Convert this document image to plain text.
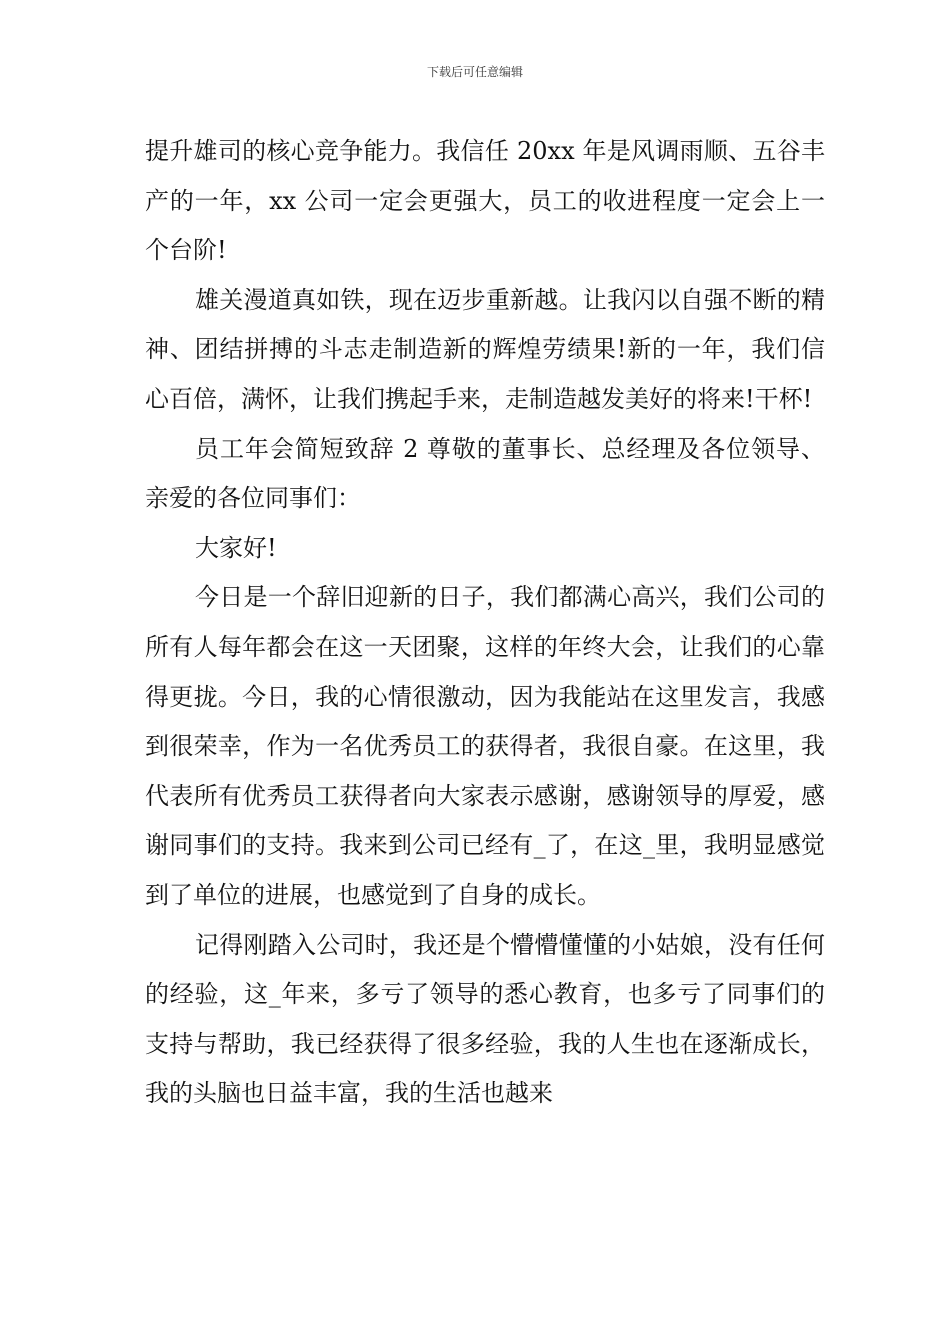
下载后可任意编辑

提升雄司的核心竞争能力。我信任 20xx 年是风调雨顺、五谷丰产的一年，xx 公司一定会更强大，员工的收进程度一定会上一个台阶!

雄关漫道真如铁，现在迈步重新越。让我闪以自强不断的精神、团结拼搏的斗志走制造新的辉煌劳绩果!新的一年，我们信心百倍，满怀，让我们携起手来，走制造越发美好的将来!干杯!

员工年会简短致辞 2 尊敬的董事长、总经理及各位领导、亲爱的各位同事们：

大家好!

今日是一个辞旧迎新的日子，我们都满心高兴，我们公司的所有人每年都会在这一天团聚，这样的年终大会，让我们的心靠得更拢。今日，我的心情很激动，因为我能站在这里发言，我感到很荣幸，作为一名优秀员工的获得者，我很自豪。在这里，我代表所有优秀员工获得者向大家表示感谢，感谢领导的厚爱，感谢同事们的支持。我来到公司已经有_了，在这_里，我明显感觉到了单位的进展，也感觉到了自身的成长。

记得刚踏入公司时，我还是个懵懵懂懂的小姑娘，没有任何的经验，这_年来，多亏了领导的悉心教育，也多亏了同事们的支持与帮助，我已经获得了很多经验，我的人生也在逐渐成长，我的头脑也日益丰富，我的生活也越来
